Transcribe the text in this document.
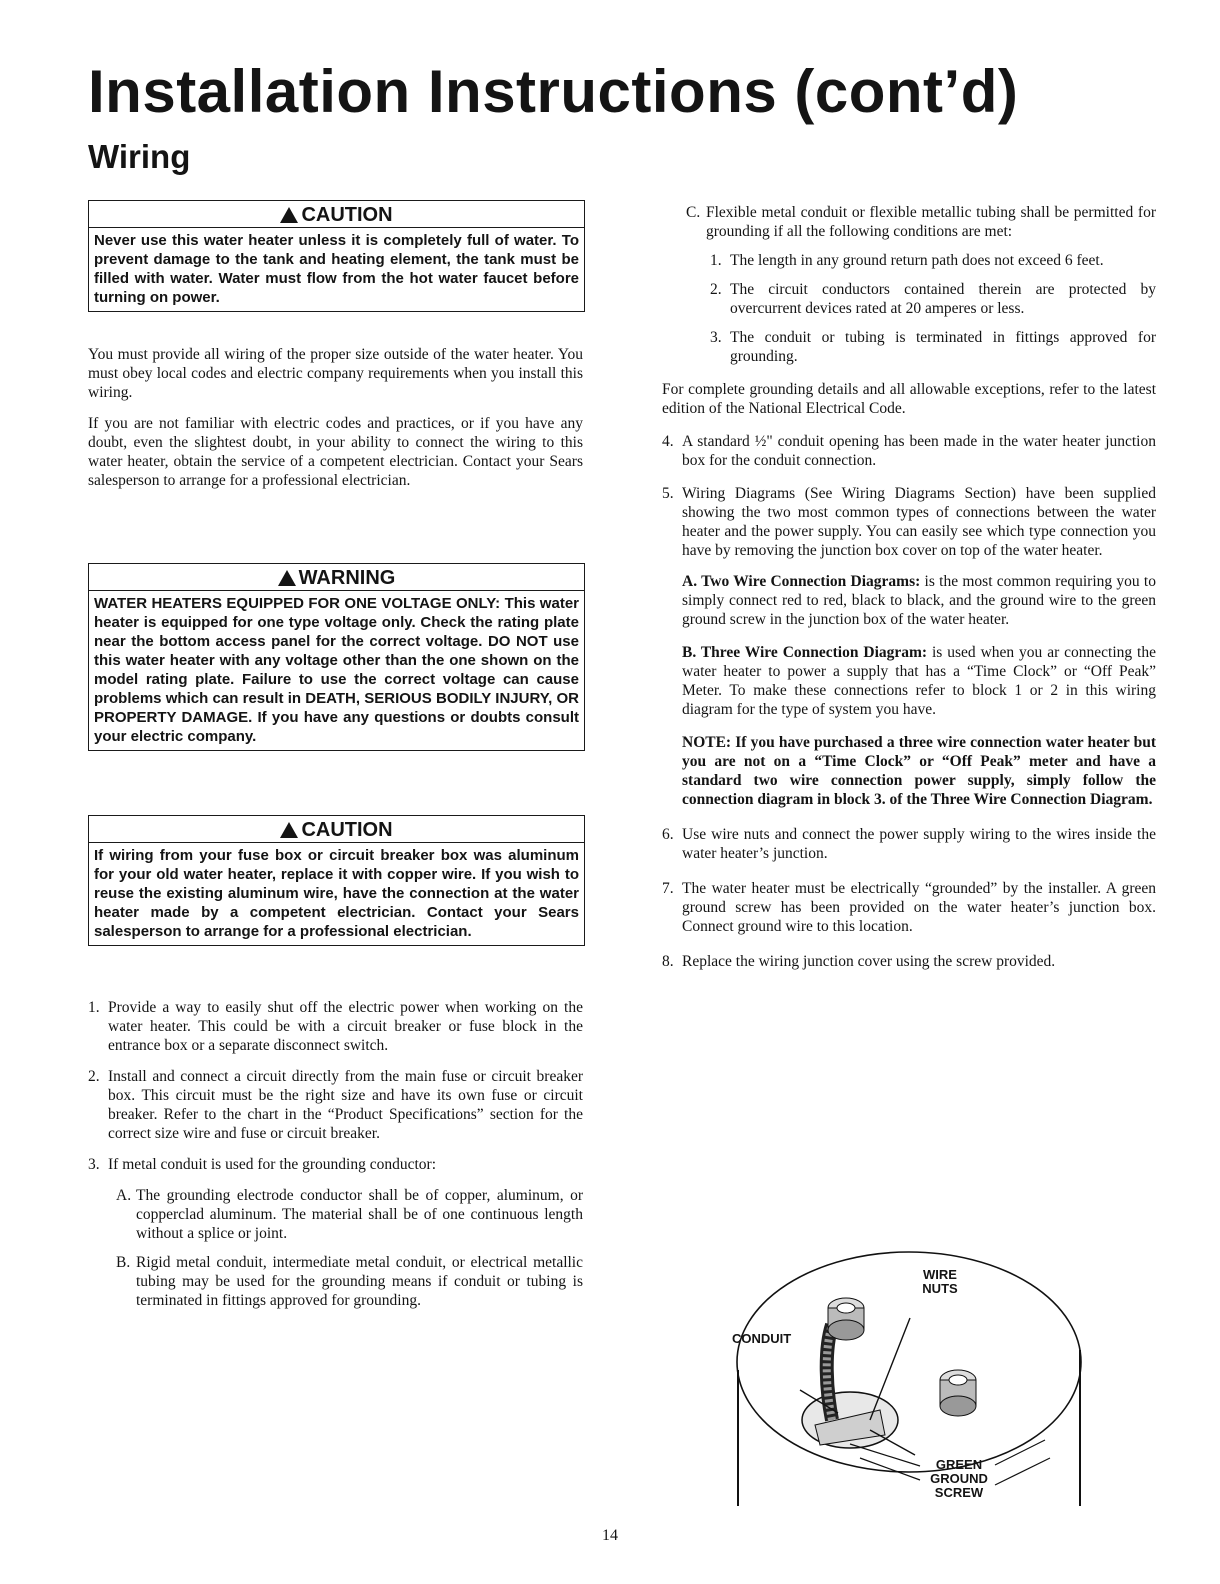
Installation Instructions (cont’d)
Wiring
CAUTION
Never use this water heater unless it is completely full of water. To prevent damage to the tank and heating element, the tank must be filled with water. Water must flow from the hot water faucet before turning on power.

You must provide all wiring of the proper size outside of the water heater. You must obey local codes and electric company requirements when you install this wiring.

If you are not familiar with electric codes and practices, or if you have any doubt, even the slightest doubt, in your ability to connect the wiring to this water heater, obtain the service of a competent electrician. Contact your Sears salesperson to arrange for a professional electrician.

WARNING
WATER HEATERS EQUIPPED FOR ONE VOLTAGE ONLY: This water heater is equipped for one type voltage only. Check the rating plate near the bottom access panel for the correct voltage. DO NOT use this water heater with any voltage other than the one shown on the model rating plate. Failure to use the correct voltage can cause problems which can result in DEATH, SERIOUS BODILY INJURY, OR PROPERTY DAMAGE. If you have any questions or doubts consult your electric company.
CAUTION
If wiring from your fuse box or circuit breaker box was aluminum for your old water heater, replace it with copper wire. If you wish to reuse the existing aluminum wire, have the connection at the water heater made by a competent electrician. Contact your Sears salesperson to arrange for a professional electrician.
1. Provide a way to easily shut off the electric power when working on the water heater. This could be with a circuit breaker or fuse block in the entrance box or a separate disconnect switch.
2. Install and connect a circuit directly from the main fuse or circuit breaker box. This circuit must be the right size and have its own fuse or circuit breaker. Refer to the chart in the “Product Specifications” section for the correct size wire and fuse or circuit breaker.
3. If metal conduit is used for the grounding conductor:
A. The grounding electrode conductor shall be of copper, aluminum, or copperclad aluminum. The material shall be of one continuous length without a splice or joint.
B. Rigid metal conduit, intermediate metal conduit, or electrical metallic tubing may be used for the grounding means if conduit or tubing is terminated in fittings approved for grounding.
C. Flexible metal conduit or flexible metallic tubing shall be permitted for grounding if all the following conditions are met:
1. The length in any ground return path does not exceed 6 feet.
2. The circuit conductors contained therein are protected by overcurrent devices rated at 20 amperes or less.
3. The conduit or tubing is terminated in fittings approved for grounding.

For complete grounding details and all allowable exceptions, refer to the latest edition of the National Electrical Code.

4. A standard ½" conduit opening has been made in the water heater junction box for the conduit connection.
5. Wiring Diagrams (See Wiring Diagrams Section) have been supplied showing the two most common types of connections between the water heater and the power supply. You can easily see which type connection you have by removing the junction box cover on top of the water heater.
A. Two Wire Connection Diagrams: is the most common requiring you to simply connect red to red, black to black, and the ground wire to the green ground screw in the junction box of the water heater.
B. Three Wire Connection Diagram: is used when you ar connecting the water heater to power a supply that has a “Time Clock” or “Off Peak” Meter. To make these connections refer to block 1 or 2 in this wiring diagram for the type of system you have.

NOTE: If you have purchased a three wire connection water heater but you are not on a “Time Clock” or “Off Peak” meter and have a standard two wire connection power supply, simply follow the connection diagram in block 3. of the Three Wire Connection Diagram.

6. Use wire nuts and connect the power supply wiring to the wires inside the water heater’s junction.
7. The water heater must be electrically “grounded” by the installer. A green ground screw has been provided on the water heater’s junction box. Connect ground wire to this location.
8. Replace the wiring junction cover using the screw provided.
WIRE NUTS
CONDUIT
GREEN
GROUND
SCREW
14
